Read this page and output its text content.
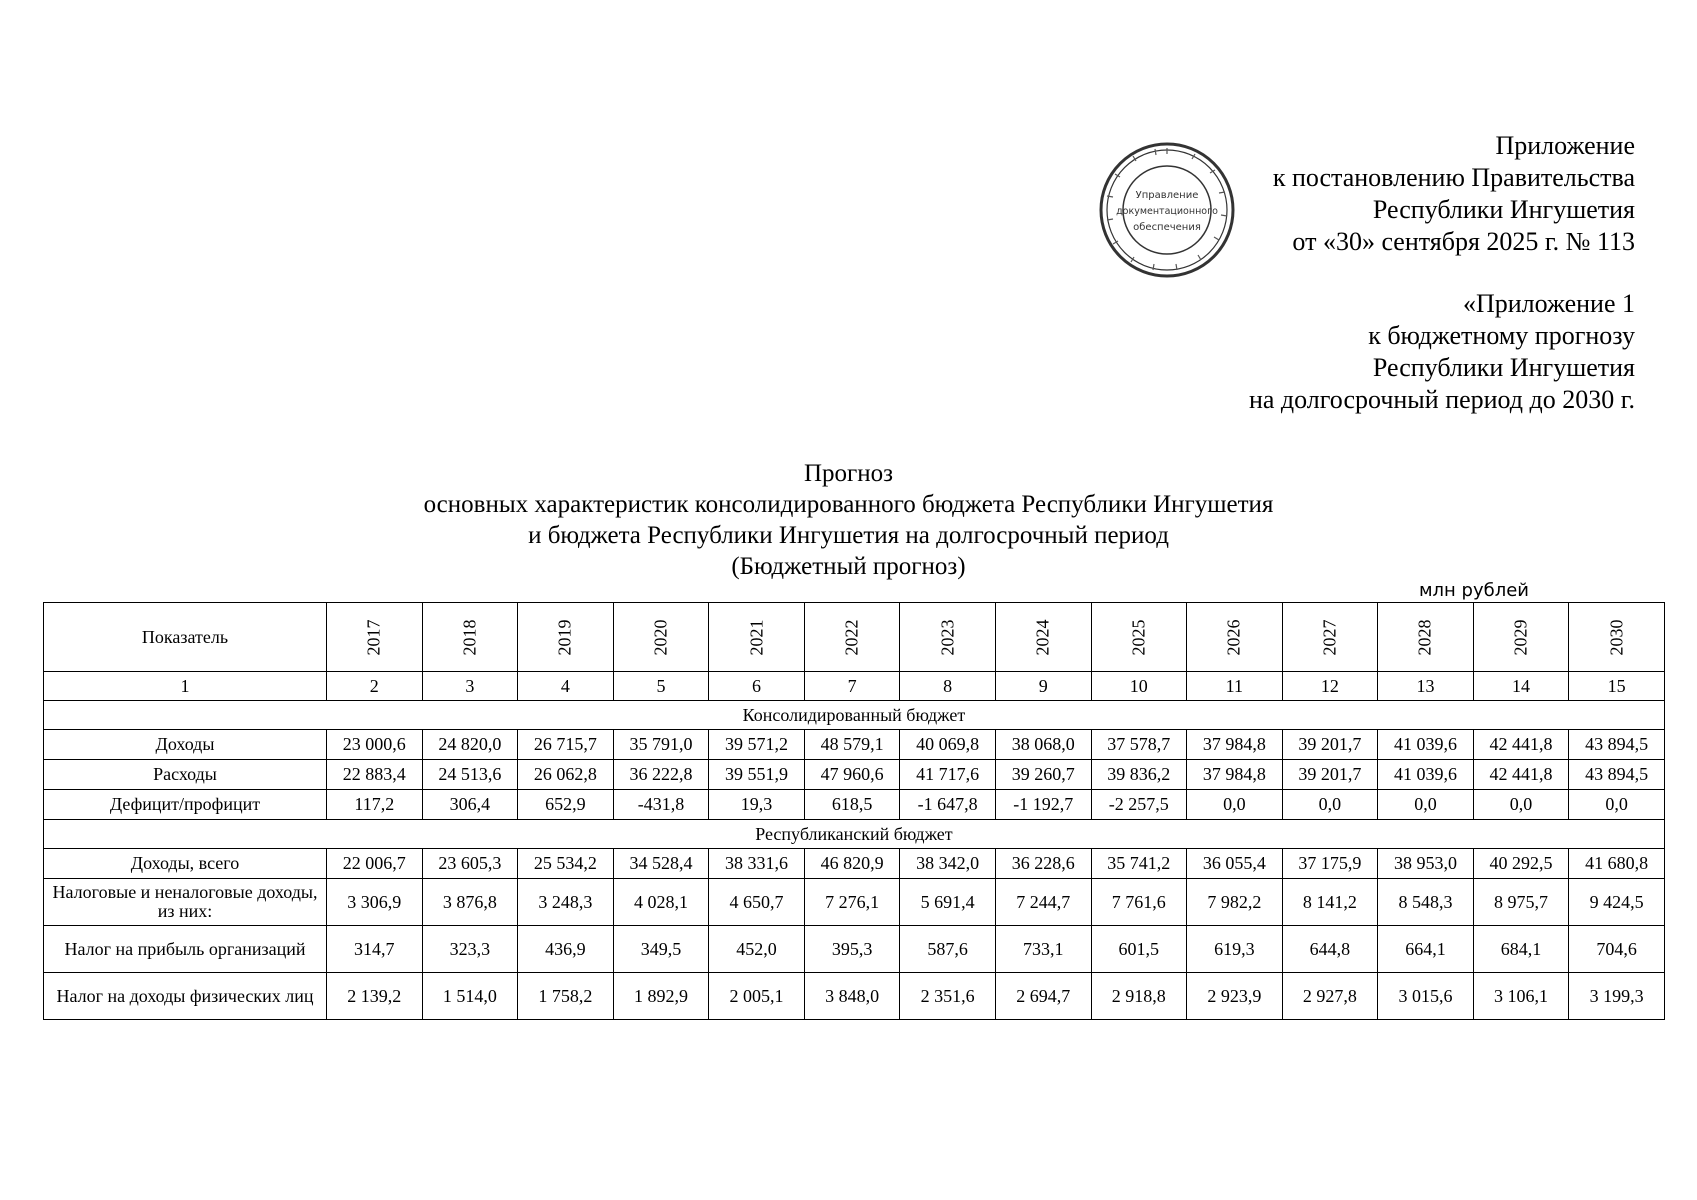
Приложение
к постановлению Правительства
Республики Ингушетия
от «30» сентября 2025 г. № 113
«Приложение 1
к бюджетному прогнозу
Республики Ингушетия
на долгосрочный период до 2030 г.
Управление
документационного
обеспечения
Прогноз
основных характеристик консолидированного бюджета Республики Ингушетия
и бюджета Республики Ингушетия на долгосрочный период
(Бюджетный прогноз)
млн рублей
Показатель	2017	2018	2019	2020	2021	2022	2023	2024	2025	2026	2027	2028	2029	2030
1	2	3	4	5	6	7	8	9	10	11	12	13	14	15
Консолидированный бюджет														
Доходы	23 000,6	24 820,0	26 715,7	35 791,0	39 571,2	48 579,1	40 069,8	38 068,0	37 578,7	37 984,8	39 201,7	41 039,6	42 441,8	43 894,5
Расходы	22 883,4	24 513,6	26 062,8	36 222,8	39 551,9	47 960,6	41 717,6	39 260,7	39 836,2	37 984,8	39 201,7	41 039,6	42 441,8	43 894,5
Дефицит/профицит	117,2	306,4	652,9	-431,8	19,3	618,5	-1 647,8	-1 192,7	-2 257,5	0,0	0,0	0,0	0,0	0,0
Республиканский бюджет														
Доходы, всего	22 006,7	23 605,3	25 534,2	34 528,4	38 331,6	46 820,9	38 342,0	36 228,6	35 741,2	36 055,4	37 175,9	38 953,0	40 292,5	41 680,8
Налоговые и неналоговые доходы, из них:	3 306,9	3 876,8	3 248,3	4 028,1	4 650,7	7 276,1	5 691,4	7 244,7	7 761,6	7 982,2	8 141,2	8 548,3	8 975,7	9 424,5
Налог на прибыль организаций	314,7	323,3	436,9	349,5	452,0	395,3	587,6	733,1	601,5	619,3	644,8	664,1	684,1	704,6
Налог на доходы физических лиц	2 139,2	1 514,0	1 758,2	1 892,9	2 005,1	3 848,0	2 351,6	2 694,7	2 918,8	2 923,9	2 927,8	3 015,6	3 106,1	3 199,3
